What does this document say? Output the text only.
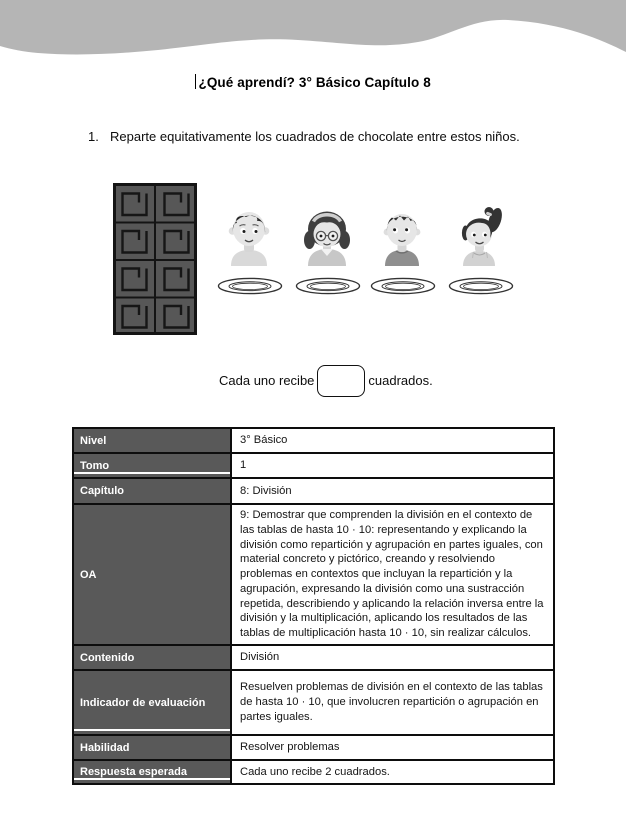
¿Qué aprendí? 3° Básico Capítulo 8
1. Reparte equitativamente los cuadrados de chocolate entre estos niños.
Cada uno recibe	cuadrados.
Nivel	3° Básico
Tomo	1
Capítulo	8: División
OA	9: Demostrar que comprenden la división en el contexto de las tablas de hasta 10 · 10: representando y explicando la división como repartición y agrupación en partes iguales, con material concreto y pictórico, creando y resolviendo problemas en contextos que incluyan la repartición y la agrupación, expresando la división como una sustracción repetida, describiendo y aplicando la relación inversa entre la división y la multiplicación, aplicando los resultados de las tablas de multiplicación hasta 10 · 10, sin realizar cálculos.
Contenido	División
Indicador de evaluación	Resuelven problemas de división en el contexto de las tablas de hasta 10 · 10, que involucren repartición o agrupación en partes iguales.
Habilidad	Resolver problemas
Respuesta esperada	Cada uno recibe 2 cuadrados.
